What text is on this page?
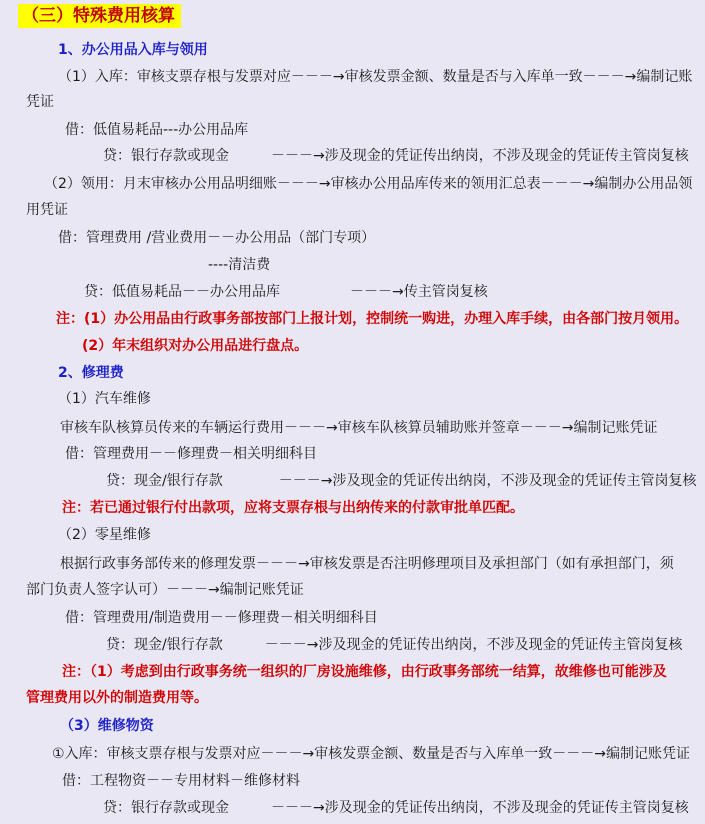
（三）特殊费用核算
1、办公用品入库与领用
（1）入库：审核支票存根与发票对应－－－→审核发票金额、数量是否与入库单一致－－－→编制记账
凭证
借：低值易耗品---办公用品库
贷：银行存款或现金　　　－－－→涉及现金的凭证传出纳岗，不涉及现金的凭证传主管岗复核
（2）领用：月末审核办公用品明细账－－－→审核办公用品库传来的领用汇总表－－－→编制办公用品领
用凭证
借：管理费用 /营业费用－－办公用品（部门专项）
----清洁费
贷：低值易耗品－－办公用品库　　　　　－－－→传主管岗复核
注：(1）办公用品由行政事务部按部门上报计划，控制统一购进，办理入库手续，由各部门按月领用。
(2）年末组织对办公用品进行盘点。
2、修理费
（1）汽车维修
审核车队核算员传来的车辆运行费用－－－→审核车队核算员辅助账并签章－－－→编制记账凭证
借：管理费用－－修理费－相关明细科目
贷：现金/银行存款　　　　－－－→涉及现金的凭证传出纳岗，不涉及现金的凭证传主管岗复核
注：若已通过银行付出款项，应将支票存根与出纳传来的付款审批单匹配。
（2）零星维修
根据行政事务部传来的修理发票－－－→审核发票是否注明修理项目及承担部门（如有承担部门，须
部门负责人签字认可）－－－→编制记账凭证
借：管理费用/制造费用－－修理费－相关明细科目
贷：现金/银行存款　　　－－－→涉及现金的凭证传出纳岗，不涉及现金的凭证传主管岗复核
注：（1）考虑到由行政事务统一组织的厂房设施维修，由行政事务部统一结算，故维修也可能涉及
管理费用以外的制造费用等。
（3）维修物资
①入库：审核支票存根与发票对应－－－→审核发票金额、数量是否与入库单一致－－－→编制记账凭证
借：工程物资－－专用材料－维修材料
贷：银行存款或现金　　　－－－→涉及现金的凭证传出纳岗，不涉及现金的凭证传主管岗复核
